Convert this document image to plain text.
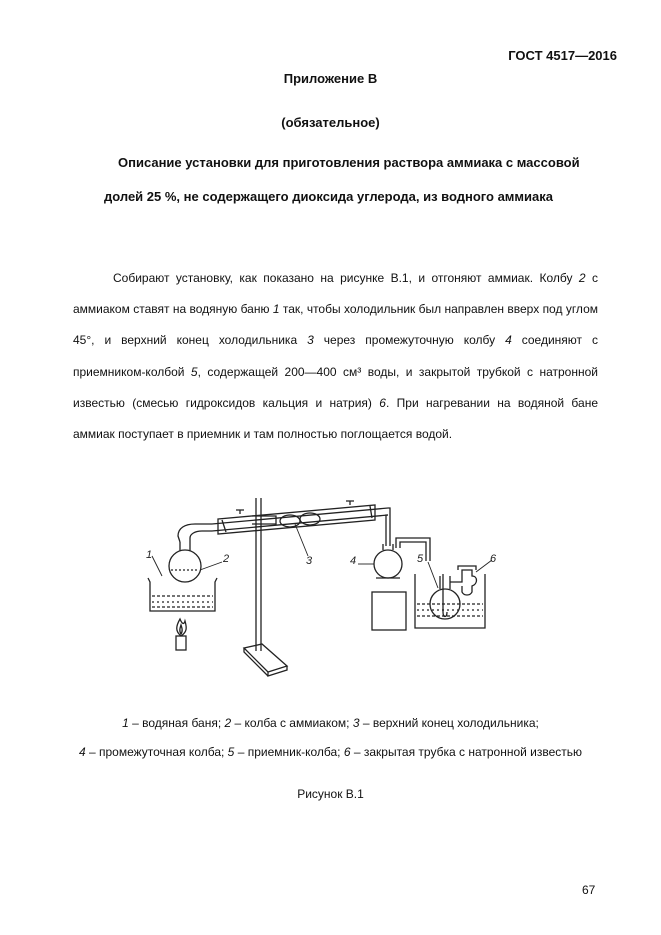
ГОСТ 4517—2016
Приложение В
(обязательное)
Описание установки для приготовления раствора аммиака с массовой
долей 25 %, не содержащего диоксида углерода, из водного аммиака
Собирают установку, как показано на рисунке В.1, и отгоняют аммиак. Колбу 2 с аммиаком ставят на водяную баню 1 так, чтобы холодильник был направлен вверх под углом 45°, и верхний конец холодильника 3 через промежуточную колбу 4 соединяют с приемником-колбой 5, содержащей 200—400 см³ воды, и закрытой трубкой с натронной известью (смесью гидроксидов кальция и натрия) 6. При нагревании на водяной бане аммиак поступает в приемник и там полностью поглощается водой.
1	2	3	4	5	6
1 – водяная баня; 2 – колба с аммиаком; 3 – верхний конец холодильника;
4 – промежуточная колба; 5 – приемник-колба; 6 – закрытая трубка с натронной известью
Рисунок В.1
67
